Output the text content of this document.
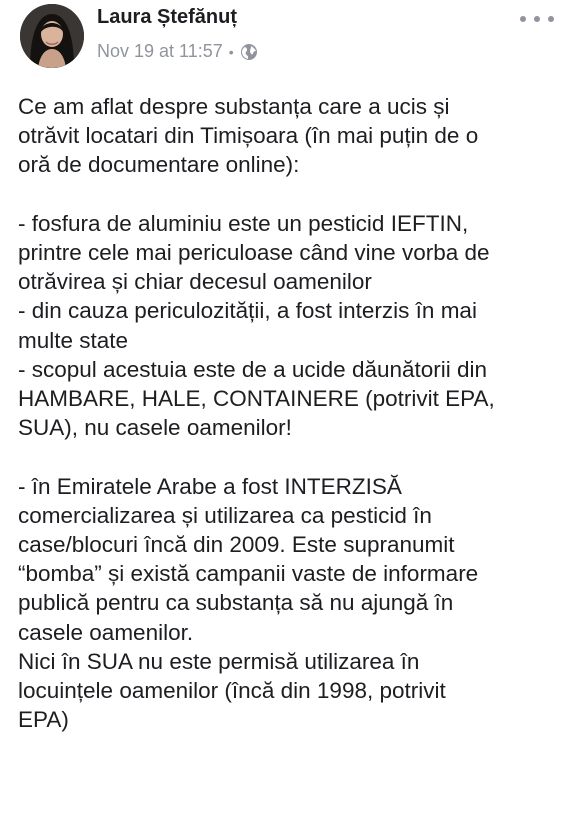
Laura Ștefănuț
Nov 19 at 11:57 •

Ce am aflat despre substanța care a ucis și

otrăvit locatari din Timișoara (în mai puțin de o

oră de documentare online):

- fosfura de aluminiu este un pesticid IEFTIN,

printre cele mai periculoase când vine vorba de

otrăvirea și chiar decesul oamenilor

- din cauza periculozității, a fost interzis în mai

multe state

- scopul acestuia este de a ucide dăunătorii din

HAMBARE, HALE, CONTAINERE (potrivit EPA,

SUA), nu casele oamenilor!

- în Emiratele Arabe a fost INTERZISĂ

comercializarea și utilizarea ca pesticid în

case/blocuri încă din 2009. Este supranumit

“bomba” și există campanii vaste de informare

publică pentru ca substanța să nu ajungă în

casele oamenilor.

Nici în SUA nu este permisă utilizarea în

locuințele oamenilor (încă din 1998, potrivit

EPA)
